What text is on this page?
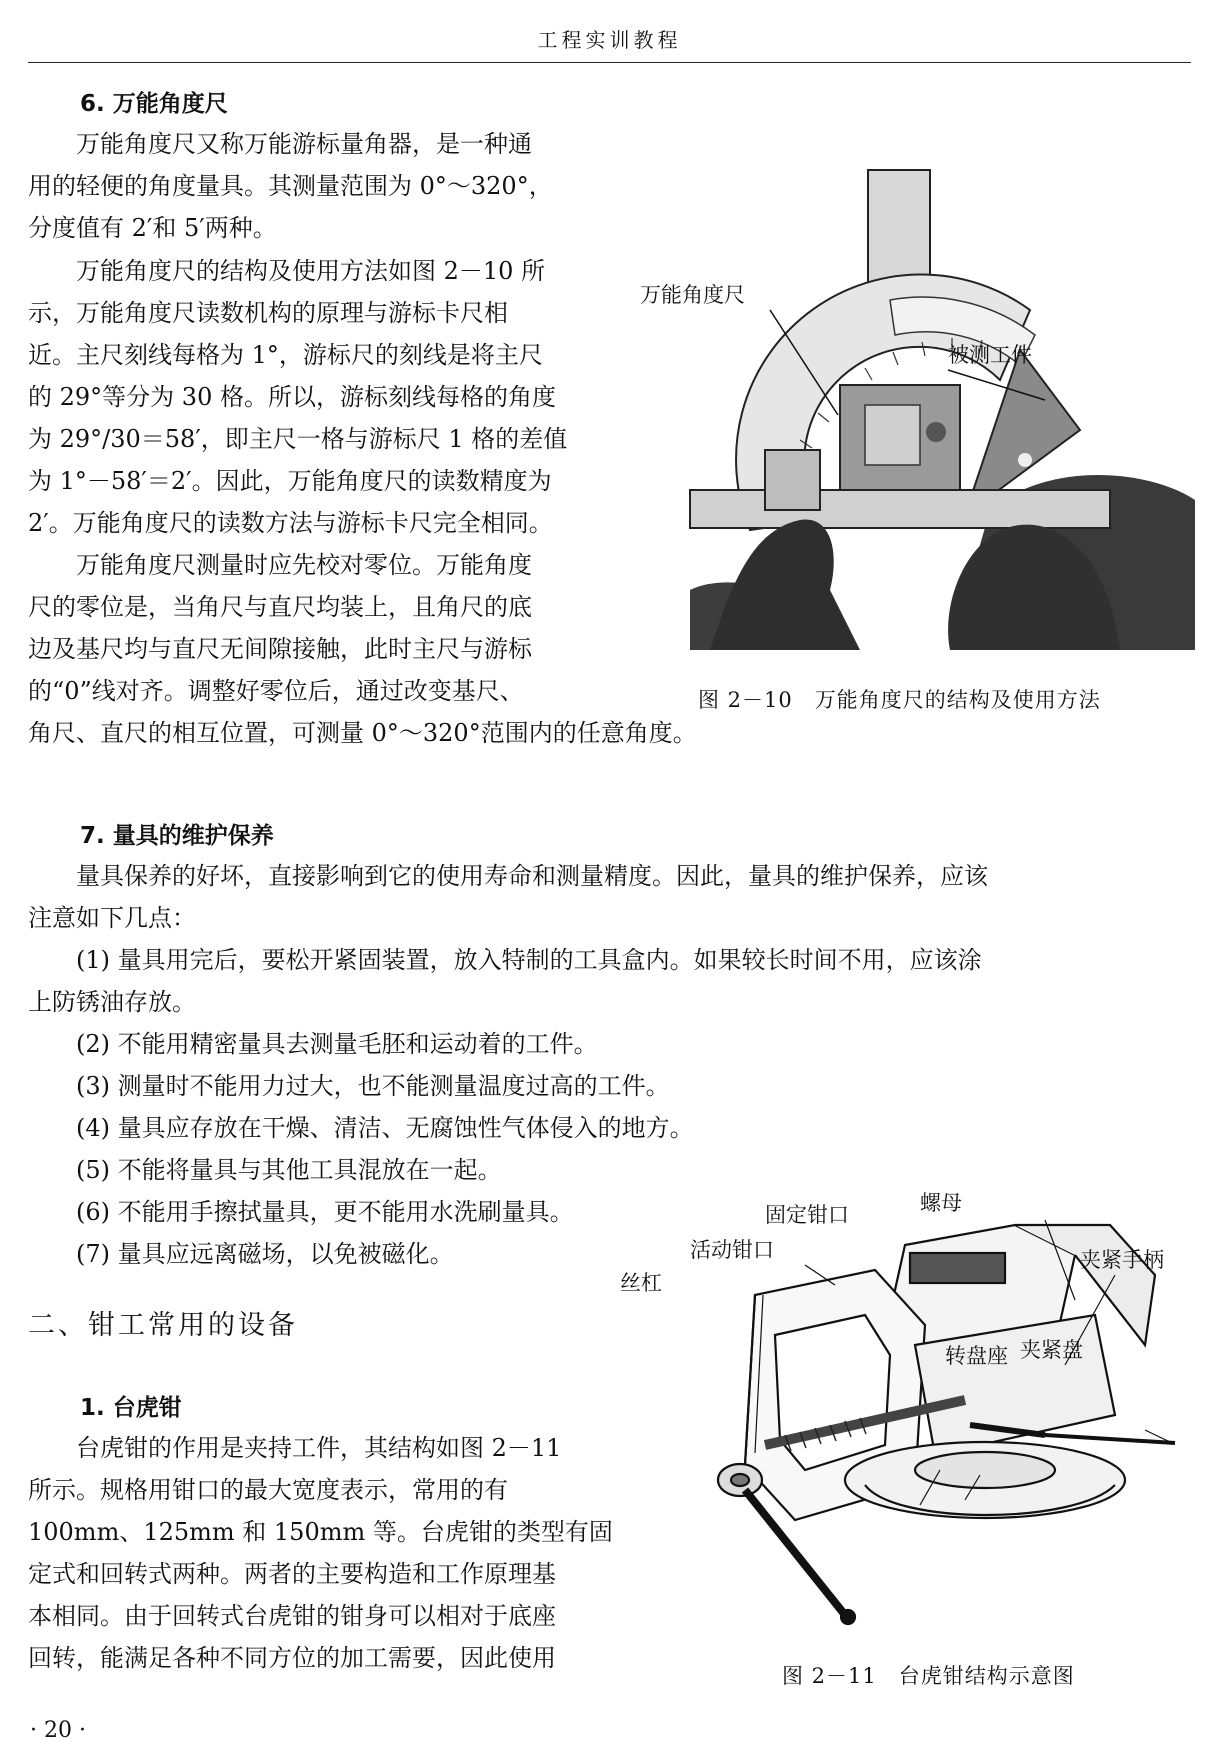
工程实训教程
6. 万能角度尺
　　万能角度尺又称万能游标量角器，是一种通
用的轻便的角度量具。其测量范围为 0°～320°，
分度值有 2′和 5′两种。
　　万能角度尺的结构及使用方法如图 2－10 所
示，万能角度尺读数机构的原理与游标卡尺相
近。主尺刻线每格为 1°，游标尺的刻线是将主尺
的 29°等分为 30 格。所以，游标刻线每格的角度
为 29°/30＝58′，即主尺一格与游标尺 1 格的差值
为 1°－58′＝2′。因此，万能角度尺的读数精度为
2′。万能角度尺的读数方法与游标卡尺完全相同。
　　万能角度尺测量时应先校对零位。万能角度
尺的零位是，当角尺与直尺均装上，且角尺的底
边及基尺均与直尺无间隙接触，此时主尺与游标
的“0”线对齐。调整好零位后，通过改变基尺、
角尺、直尺的相互位置，可测量 0°～320°范围内的任意角度。
万能角度尺
被测工件
图 2－10　万能角度尺的结构及使用方法
7. 量具的维护保养
　　量具保养的好坏，直接影响到它的使用寿命和测量精度。因此，量具的维护保养，应该
注意如下几点：
　　(1) 量具用完后，要松开紧固装置，放入特制的工具盒内。如果较长时间不用，应该涂
上防锈油存放。
　　(2) 不能用精密量具去测量毛胚和运动着的工件。
　　(3) 测量时不能用力过大，也不能测量温度过高的工件。
　　(4) 量具应存放在干燥、清洁、无腐蚀性气体侵入的地方。
　　(5) 不能将量具与其他工具混放在一起。
　　(6) 不能用手擦拭量具，更不能用水洗刷量具。
　　(7) 量具应远离磁场，以免被磁化。
二、钳工常用的设备
1. 台虎钳
　　台虎钳的作用是夹持工件，其结构如图 2－11
所示。规格用钳口的最大宽度表示，常用的有
100mm、125mm 和 150mm 等。台虎钳的类型有固
定式和回转式两种。两者的主要构造和工作原理基
本相同。由于回转式台虎钳的钳身可以相对于底座
回转，能满足各种不同方位的加工需要，因此使用
固定钳口	螺母
活动钳口	夹紧手柄
丝杠
转盘座 夹紧盘
图 2－11　台虎钳结构示意图
· 20 ·
